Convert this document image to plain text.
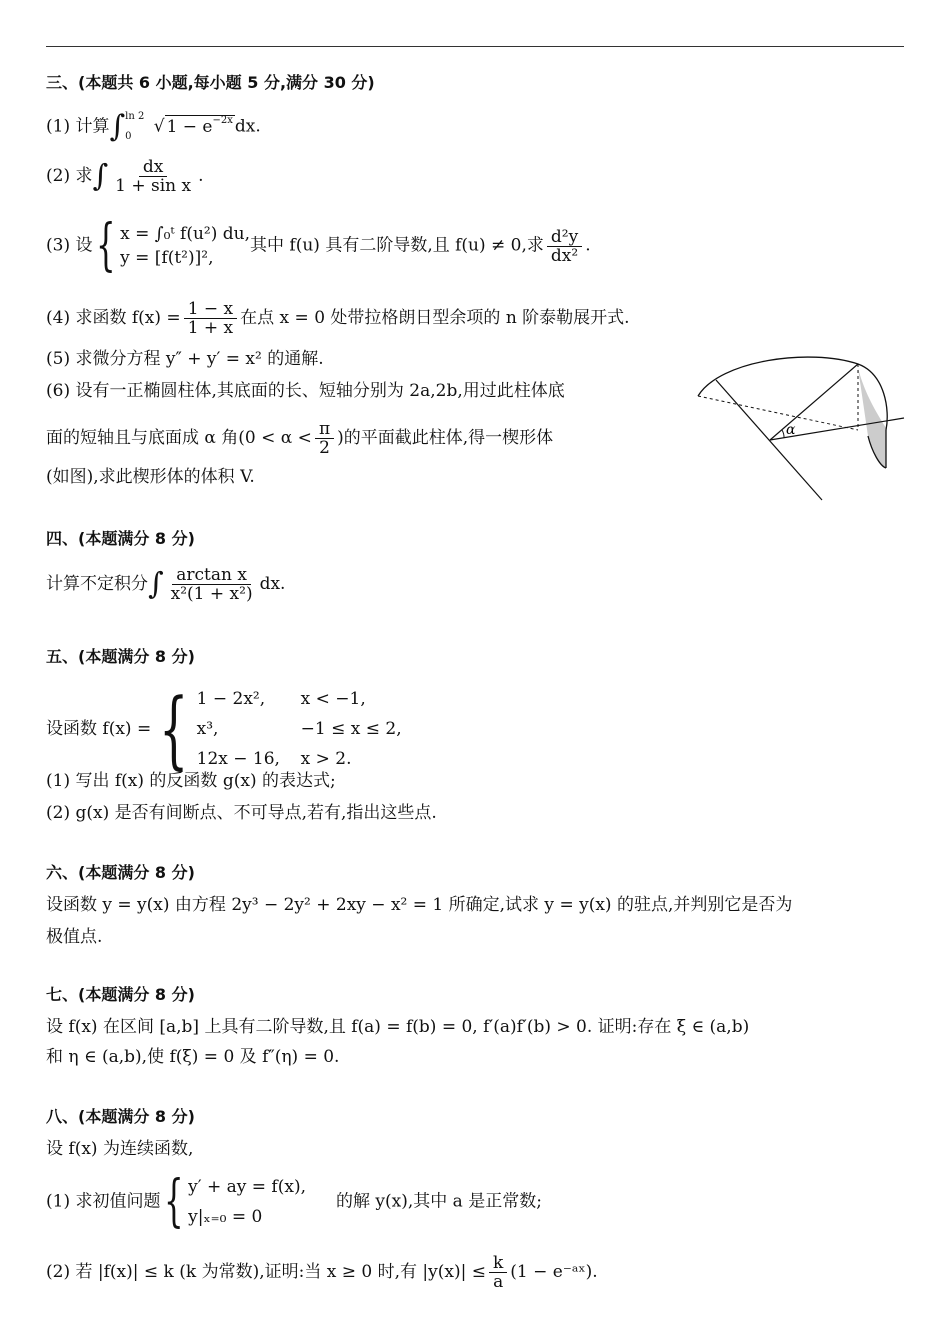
三、(本题共 6 小题,每小题 5 分,满分 30 分)
(1) 计算∫ ln 2
0	√ $1 - e^{-2x}$ dx.
(2) 求∫ $\frac{dx}{\text{1 + sin x}}$ .
(3) 设 { x = ∫₀ᵗ f(u²) du,
y = [f(t²)]²,
其中 f(u) 具有二阶导数,且 f(u) ≠ 0,求 $\frac{\text{d²y}}{\text{dx²}}$ .
(4) 求函数 $f(x) = \frac{1 - x}{1 + x}$ 在点 x = 0 处带拉格朗日型余项的 n 阶泰勒展开式.
(5) 求微分方程 y″ + y′ = x² 的通解.
(6) 设有一正椭圆柱体,其底面的长、短轴分别为 2a,2b,用过此柱体底
面的短轴且与底面成 α 角($0 < \alpha < \frac{\pi}{2}$ )的平面截此柱体,得一楔形体
(如图),求此楔形体的体积 V.
α
四、(本题满分 8 分)
计算不定积分∫ $\frac{\text{arctan x}}{\text{x²(1 + x²)}}$ dx.
五、(本题满分 8 分)
设函数 f(x) = { 1 − 2x², x < −1,
x³,	−1 ≤ x ≤ 2,
12x − 16, x > 2.
(1) 写出 f(x) 的反函数 g(x) 的表达式;
(2) g(x) 是否有间断点、不可导点,若有,指出这些点.
六、(本题满分 8 分)
设函数 y = y(x) 由方程 2y³ − 2y² + 2xy − x² = 1 所确定,试求 y = y(x) 的驻点,并判别它是否为
极值点.
七、(本题满分 8 分)
设 f(x) 在区间 [a,b] 上具有二阶导数,且 f(a) = f(b) = 0, f′(a)f′(b) > 0. 证明:存在 ξ ∈ (a,b)
和 η ∈ (a,b),使 f(ξ) = 0 及 f″(η) = 0.
八、(本题满分 8 分)
设 f(x) 为连续函数,
(1) 求初值问题 { y′ + ay = f(x),
y|ₓ₌₀ = 0
的解 y(x),其中 a 是正常数;
(2) 若 |f(x)| ≤ k (k 为常数),证明:当 x ≥ 0 时,有 $|y(x)| \le \frac{k}{a} (1$ − e⁻ᵃˣ).
